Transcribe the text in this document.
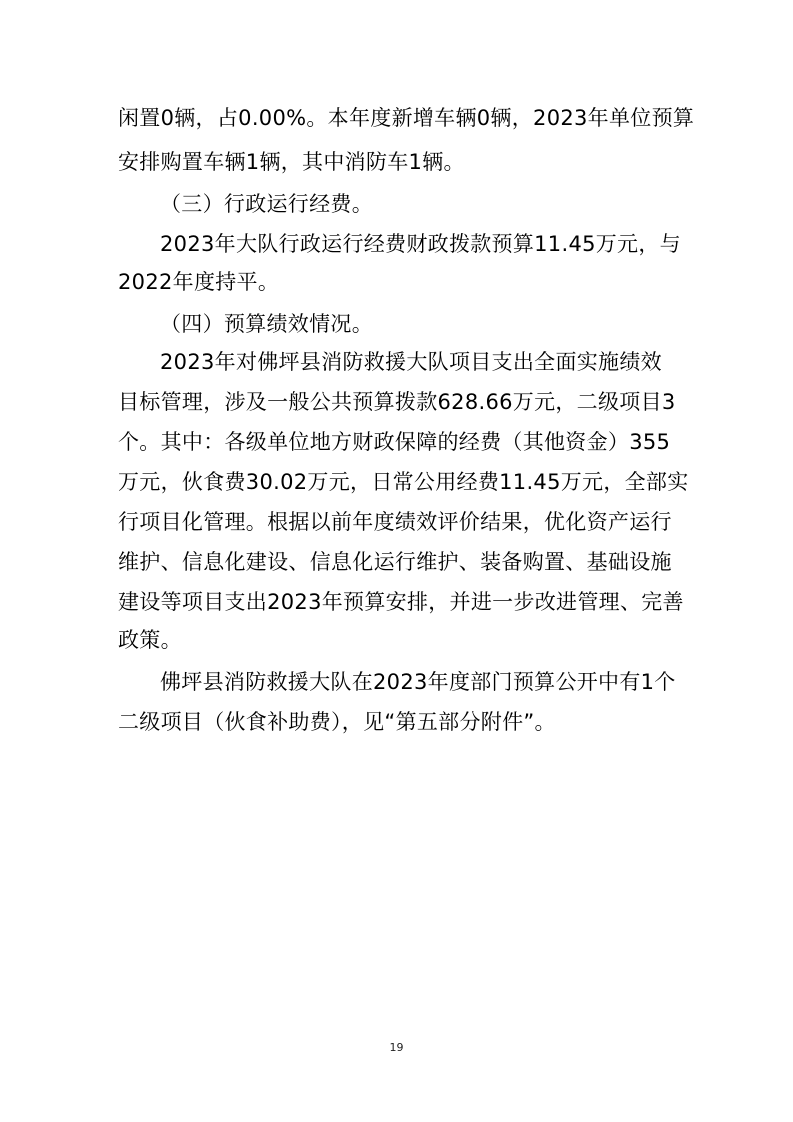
闲置0辆，占0.00%。本年度新增车辆0辆，2023年单位预算
安排购置车辆1辆，其中消防车1辆。
（三）行政运行经费。
2023年大队行政运行经费财政拨款预算11.45万元，与
2022年度持平。
（四）预算绩效情况。
2023年对佛坪县消防救援大队项目支出全面实施绩效
目标管理，涉及一般公共预算拨款628.66万元，二级项目3
个。其中：各级单位地方财政保障的经费（其他资金）355
万元，伙食费30.02万元，日常公用经费11.45万元，全部实
行项目化管理。根据以前年度绩效评价结果，优化资产运行
维护、信息化建设、信息化运行维护、装备购置、基础设施
建设等项目支出2023年预算安排，并进一步改进管理、完善
政策。
佛坪县消防救援大队在2023年度部门预算公开中有1个
二级项目（伙食补助费），见“第五部分附件”。
19
